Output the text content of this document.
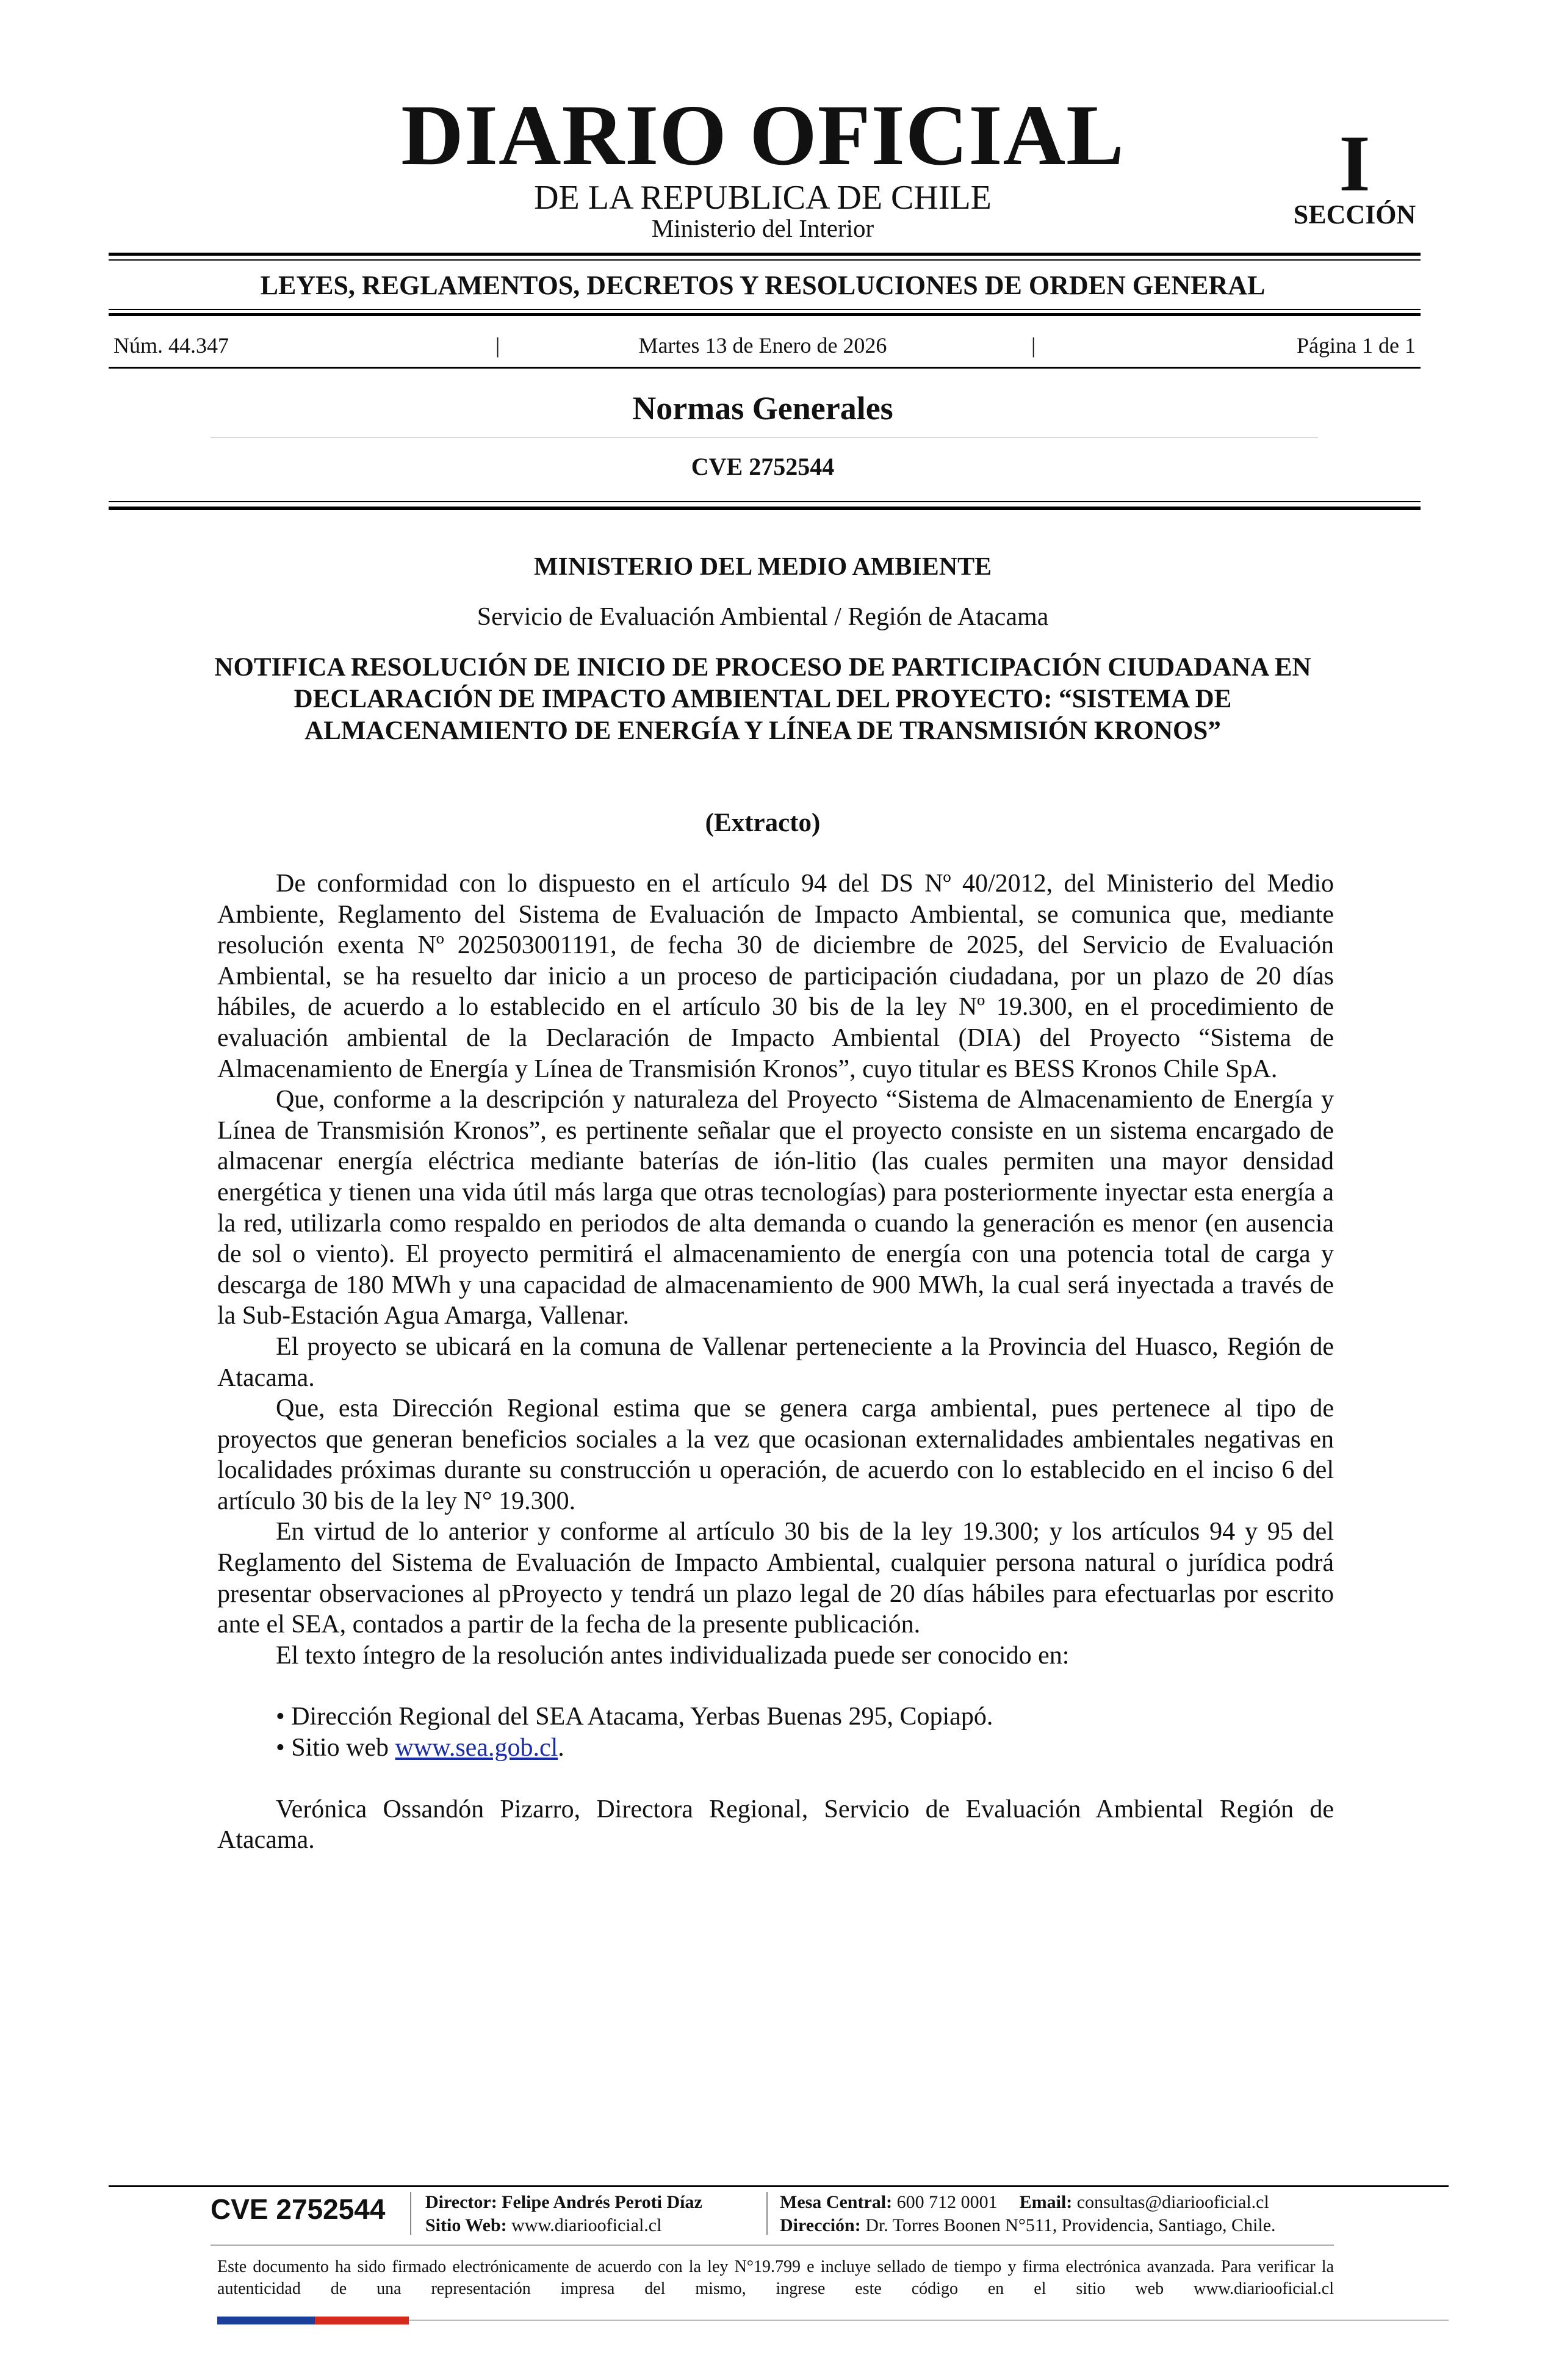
DIARIO OFICIAL
DE LA REPUBLICA DE CHILE
Ministerio del Interior
I
SECCIÓN
LEYES, REGLAMENTOS, DECRETOS Y RESOLUCIONES DE ORDEN GENERAL
Núm. 44.347	|	Martes 13 de Enero de 2026	|	Página 1 de 1
Normas Generales
CVE 2752544
MINISTERIO DEL MEDIO AMBIENTE
Servicio de Evaluación Ambiental / Región de Atacama
NOTIFICA RESOLUCIÓN DE INICIO DE PROCESO DE PARTICIPACIÓN CIUDADANA EN DECLARACIÓN DE IMPACTO AMBIENTAL DEL PROYECTO: “SISTEMA DE ALMACENAMIENTO DE ENERGÍA Y LÍNEA DE TRANSMISIÓN KRONOS”
(Extracto)

De conformidad con lo dispuesto en el artículo 94 del DS Nº 40/2012, del Ministerio del Medio Ambiente, Reglamento del Sistema de Evaluación de Impacto Ambiental, se comunica que, mediante resolución exenta Nº 202503001191, de fecha 30 de diciembre de 2025, del Servicio de Evaluación Ambiental, se ha resuelto dar inicio a un proceso de participación ciudadana, por un plazo de 20 días hábiles, de acuerdo a lo establecido en el artículo 30 bis de la ley Nº 19.300, en el procedimiento de evaluación ambiental de la Declaración de Impacto Ambiental (DIA) del Proyecto “Sistema de Almacenamiento de Energía y Línea de Transmisión Kronos”, cuyo titular es BESS Kronos Chile SpA.

Que, conforme a la descripción y naturaleza del Proyecto “Sistema de Almacenamiento de Energía y Línea de Transmisión Kronos”, es pertinente señalar que el proyecto consiste en un sistema encargado de almacenar energía eléctrica mediante baterías de ión-litio (las cuales permiten una mayor densidad energética y tienen una vida útil más larga que otras tecnologías) para posteriormente inyectar esta energía a la red, utilizarla como respaldo en periodos de alta demanda o cuando la generación es menor (en ausencia de sol o viento). El proyecto permitirá el almacenamiento de energía con una potencia total de carga y descarga de 180 MWh y una capacidad de almacenamiento de 900 MWh, la cual será inyectada a través de la Sub-Estación Agua Amarga, Vallenar.

El proyecto se ubicará en la comuna de Vallenar perteneciente a la Provincia del Huasco, Región de Atacama.

Que, esta Dirección Regional estima que se genera carga ambiental, pues pertenece al tipo de proyectos que generan beneficios sociales a la vez que ocasionan externalidades ambientales negativas en localidades próximas durante su construcción u operación, de acuerdo con lo establecido en el inciso 6 del artículo 30 bis de la ley N° 19.300.

En virtud de lo anterior y conforme al artículo 30 bis de la ley 19.300; y los artículos 94 y 95 del Reglamento del Sistema de Evaluación de Impacto Ambiental, cualquier persona natural o jurídica podrá presentar observaciones al pProyecto y tendrá un plazo legal de 20 días hábiles para efectuarlas por escrito ante el SEA, contados a partir de la fecha de la presente publicación.

El texto íntegro de la resolución antes individualizada puede ser conocido en:

• Dirección Regional del SEA Atacama, Yerbas Buenas 295, Copiapó.
• Sitio web www.sea.gob.cl.

Verónica Ossandón Pizarro, Directora Regional, Servicio de Evaluación Ambiental Región de Atacama.

CVE 2752544	Director: Felipe Andrés Peroti Díaz
Sitio Web: www.diariooficial.cl
Mesa Central: 600 712 0001 Email: consultas@diariooficial.cl
Dirección: Dr. Torres Boonen N°511, Providencia, Santiago, Chile.
Este documento ha sido firmado electrónicamente de acuerdo con la ley N°19.799 e incluye sellado de tiempo y firma electrónica avanzada. Para verificar la autenticidad de una representación impresa del mismo, ingrese este código en el sitio web www.diariooficial.cl
